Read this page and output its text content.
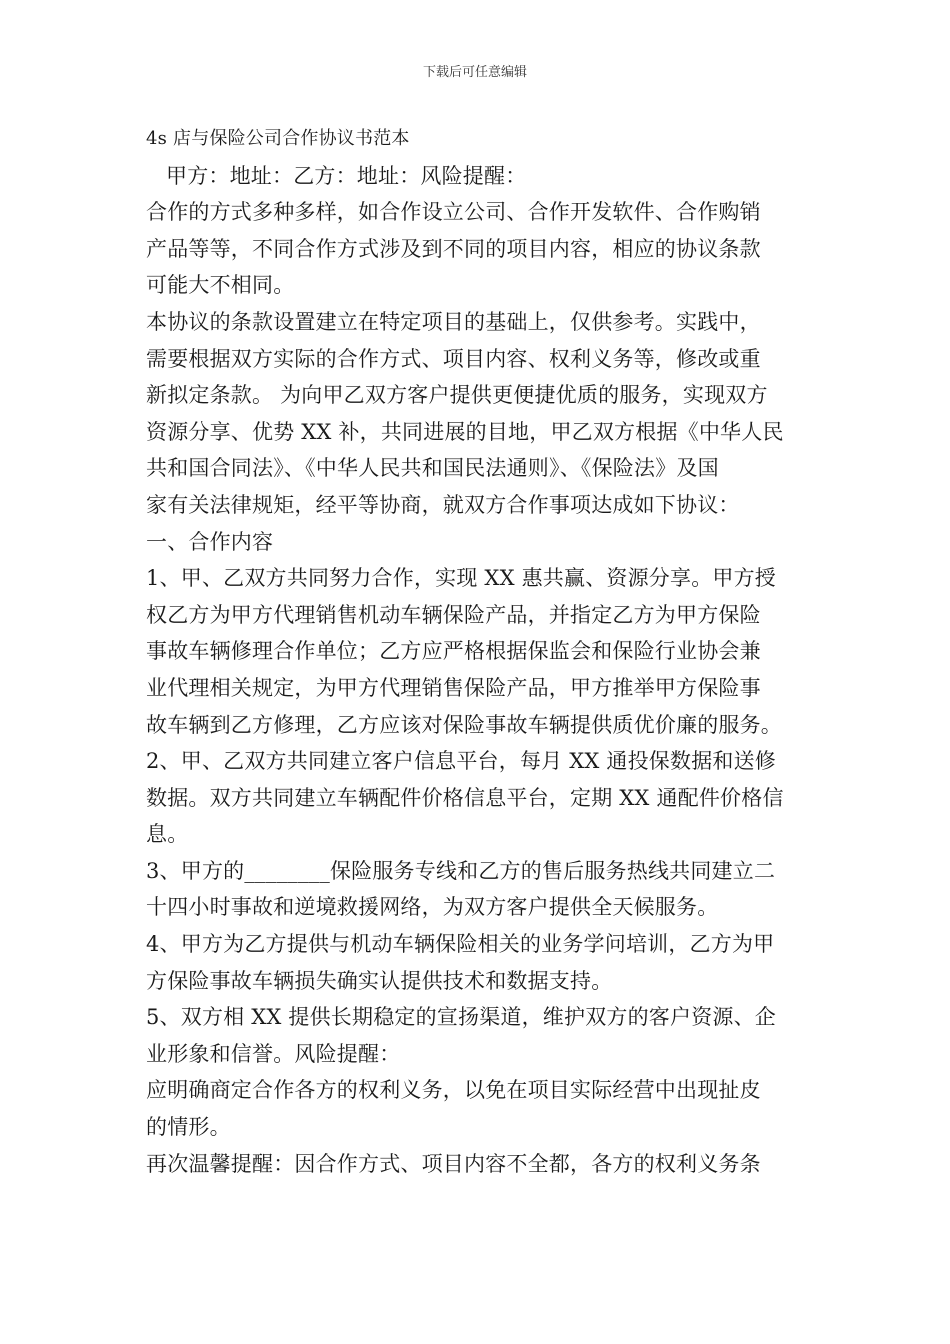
下载后可任意编辑
4s 店与保险公司合作协议书范本
甲方：地址：乙方：地址：风险提醒：
合作的方式多种多样，如合作设立公司、合作开发软件、合作购销
产品等等，不同合作方式涉及到不同的项目内容，相应的协议条款
可能大不相同。
本协议的条款设置建立在特定项目的基础上，仅供参考。实践中，
需要根据双方实际的合作方式、项目内容、权利义务等，修改或重
新拟定条款。 为向甲乙双方客户提供更便捷优质的服务，实现双方
资源分享、优势 XX 补，共同进展的目地，甲乙双方根据《中华人民
共和国合同法》、《中华人民共和国民法通则》、《保险法》及国
家有关法律规矩，经平等协商，就双方合作事项达成如下协议：
一、合作内容
1、甲、乙双方共同努力合作，实现 XX 惠共赢、资源分享。甲方授
权乙方为甲方代理销售机动车辆保险产品，并指定乙方为甲方保险
事故车辆修理合作单位；乙方应严格根据保监会和保险行业协会兼
业代理相关规定，为甲方代理销售保险产品，甲方推举甲方保险事
故车辆到乙方修理，乙方应该对保险事故车辆提供质优价廉的服务。
2、甲、乙双方共同建立客户信息平台，每月 XX 通投保数据和送修
数据。双方共同建立车辆配件价格信息平台，定期 XX 通配件价格信
息。
3、甲方的________保险服务专线和乙方的售后服务热线共同建立二
十四小时事故和逆境救援网络，为双方客户提供全天候服务。
4、甲方为乙方提供与机动车辆保险相关的业务学问培训，乙方为甲
方保险事故车辆损失确实认提供技术和数据支持。
5、双方相 XX 提供长期稳定的宣扬渠道，维护双方的客户资源、企
业形象和信誉。风险提醒：
应明确商定合作各方的权利义务，以免在项目实际经营中出现扯皮
的情形。
再次温馨提醒：因合作方式、项目内容不全都，各方的权利义务条
